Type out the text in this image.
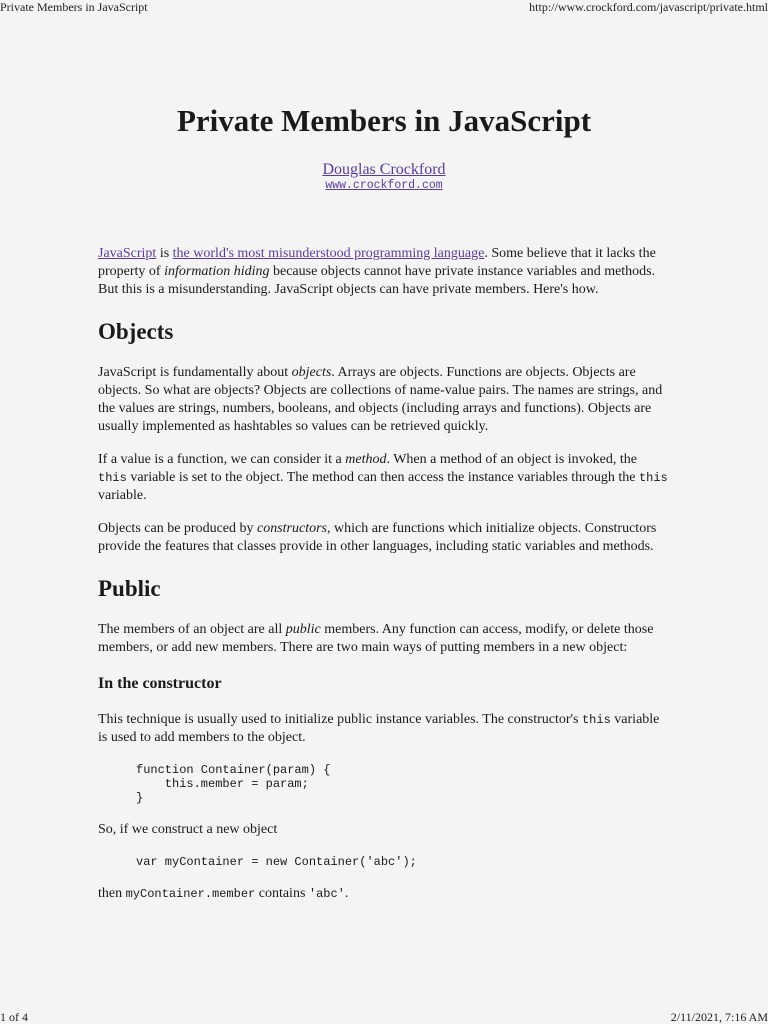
Private Members in JavaScript	http://www.crockford.com/javascript/private.html
Private Members in JavaScript
Douglas Crockford
www.crockford.com

JavaScript is the world's most misunderstood programming language. Some believe that it lacks the property of information hiding because objects cannot have private instance variables and methods. But this is a misunderstanding. JavaScript objects can have private members. Here's how.

Objects

JavaScript is fundamentally about objects. Arrays are objects. Functions are objects. Objects are objects. So what are objects? Objects are collections of name-value pairs. The names are strings, and the values are strings, numbers, booleans, and objects (including arrays and functions). Objects are usually implemented as hashtables so values can be retrieved quickly.

If a value is a function, we can consider it a method. When a method of an object is invoked, the this variable is set to the object. The method can then access the instance variables through the this variable.

Objects can be produced by constructors, which are functions which initialize objects. Constructors provide the features that classes provide in other languages, including static variables and methods.

Public

The members of an object are all public members. Any function can access, modify, or delete those members, or add new members. There are two main ways of putting members in a new object:

In the constructor

This technique is usually used to initialize public instance variables. The constructor's this variable is used to add members to the object.

function Container(param) {
this.member = param;
}

So, if we construct a new object

var myContainer = new Container('abc');

then myContainer.member contains 'abc'.

1 of 4	2/11/2021, 7:16 AM
